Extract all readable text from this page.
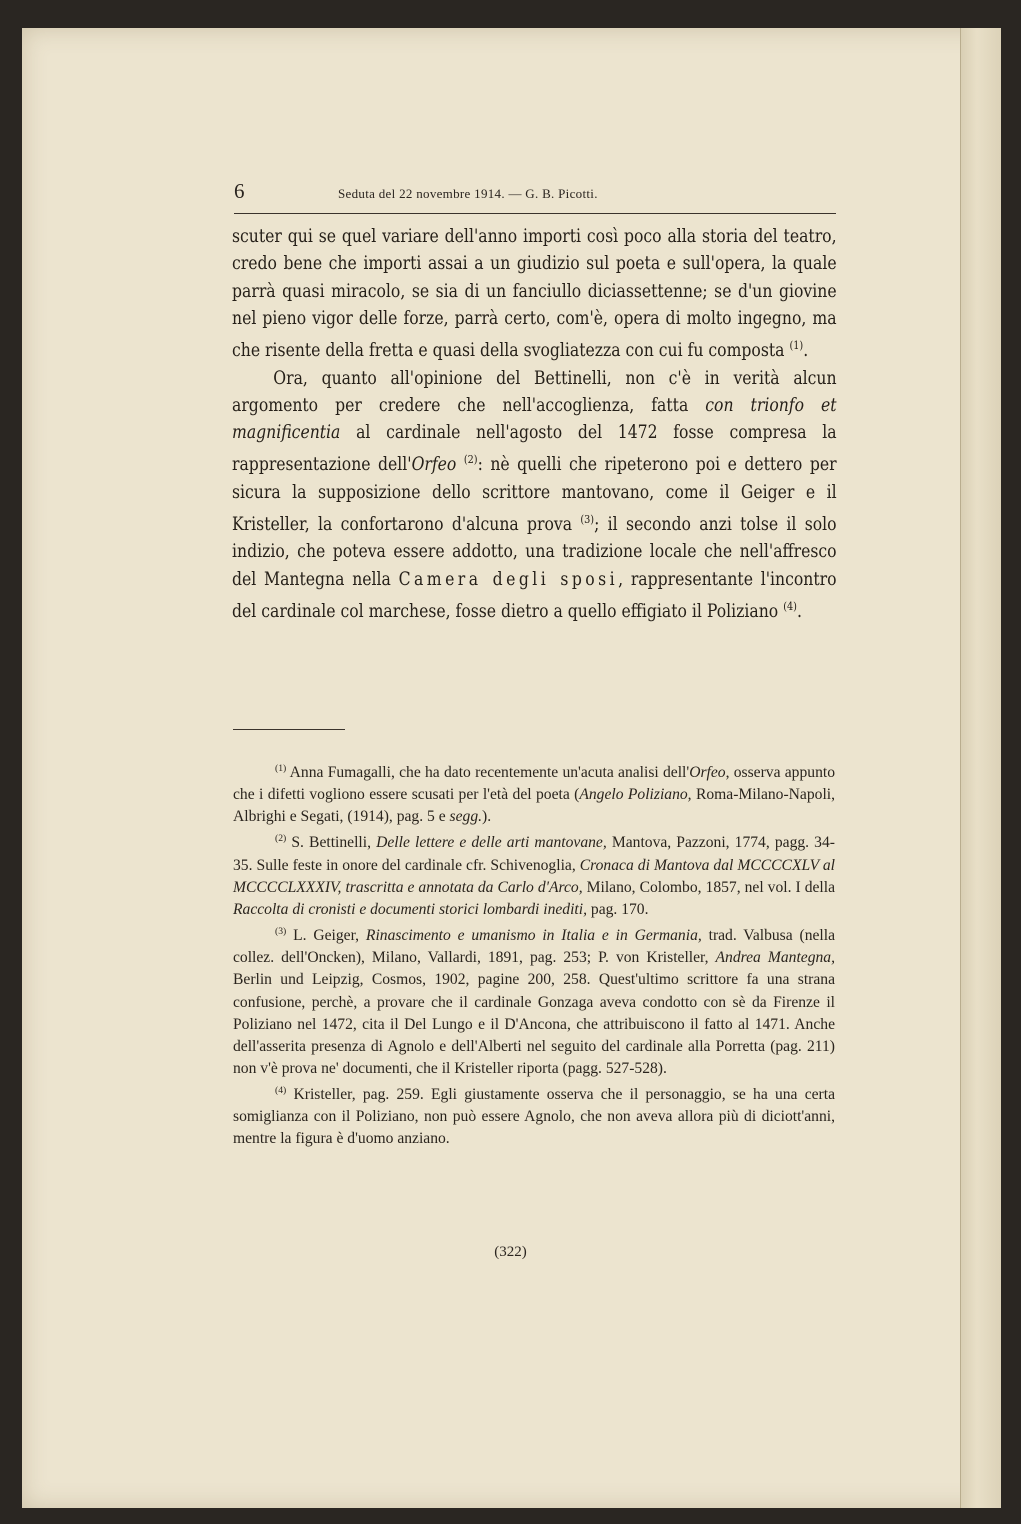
6	Seduta del 22 novembre 1914. — G. B. Picotti.

scuter qui se quel variare dell'anno importi così poco alla storia del teatro, credo bene che importi assai a un giudizio sul poeta e sull'opera, la quale parrà quasi miracolo, se sia di un fanciullo diciassettenne; se d'un giovine nel pieno vigor delle forze, parrà certo, com'è, opera di molto ingegno, ma che risente della fretta e quasi della svogliatezza con cui fu composta $^{(1)}$.

Ora, quanto all'opinione del Bettinelli, non c'è in verità alcun argomento per credere che nell'accoglienza, fatta con trionfo et magnificentia al cardinale nell'agosto del 1472 fosse compresa la rappresentazione dell'Orfeo $^{(2)}$: nè quelli che ripeterono poi e dettero per sicura la supposizione dello scrittore mantovano, come il Geiger e il Kristeller, la confortarono d'alcuna prova $^{(3)}$; il secondo anzi tolse il solo indizio, che poteva essere addotto, una tradizione locale che nell'affresco del Mantegna nella Camera degli sposi, rappresentante l'incontro del cardinale col marchese, fosse dietro a quello effigiato il Poliziano $^{(4)}$.

$^{(1)}$ Anna Fumagalli, che ha dato recentemente un'acuta analisi dell'Orfeo, osserva appunto che i difetti vogliono essere scusati per l'età del poeta (Angelo Poliziano, Roma-Milano-Napoli, Albrighi e Segati, (1914), pag. 5 e segg.).

$^{(2)}$ S. Bettinelli, Delle lettere e delle arti mantovane, Mantova, Pazzoni, 1774, pagg. 34-35. Sulle feste in onore del cardinale cfr. Schivenoglia, Cronaca di Mantova dal MCCCCXLV al MCCCCLXXXIV, trascritta e annotata da Carlo d'Arco, Milano, Colombo, 1857, nel vol. I della Raccolta di cronisti e documenti storici lombardi inediti, pag. 170.

$^{(3)}$ L. Geiger, Rinascimento e umanismo in Italia e in Germania, trad. Valbusa (nella collez. dell'Oncken), Milano, Vallardi, 1891, pag. 253; P. von Kristeller, Andrea Mantegna, Berlin und Leipzig, Cosmos, 1902, pagine 200, 258. Quest'ultimo scrittore fa una strana confusione, perchè, a provare che il cardinale Gonzaga aveva condotto con sè da Firenze il Poliziano nel 1472, cita il Del Lungo e il D'Ancona, che attribuiscono il fatto al 1471. Anche dell'asserita presenza di Agnolo e dell'Alberti nel seguito del cardinale alla Porretta (pag. 211) non v'è prova ne' documenti, che il Kristeller riporta (pagg. 527-528).

$^{(4)}$ Kristeller, pag. 259. Egli giustamente osserva che il personaggio, se ha una certa somiglianza con il Poliziano, non può essere Agnolo, che non aveva allora più di diciott'anni, mentre la figura è d'uomo anziano.

(322)
